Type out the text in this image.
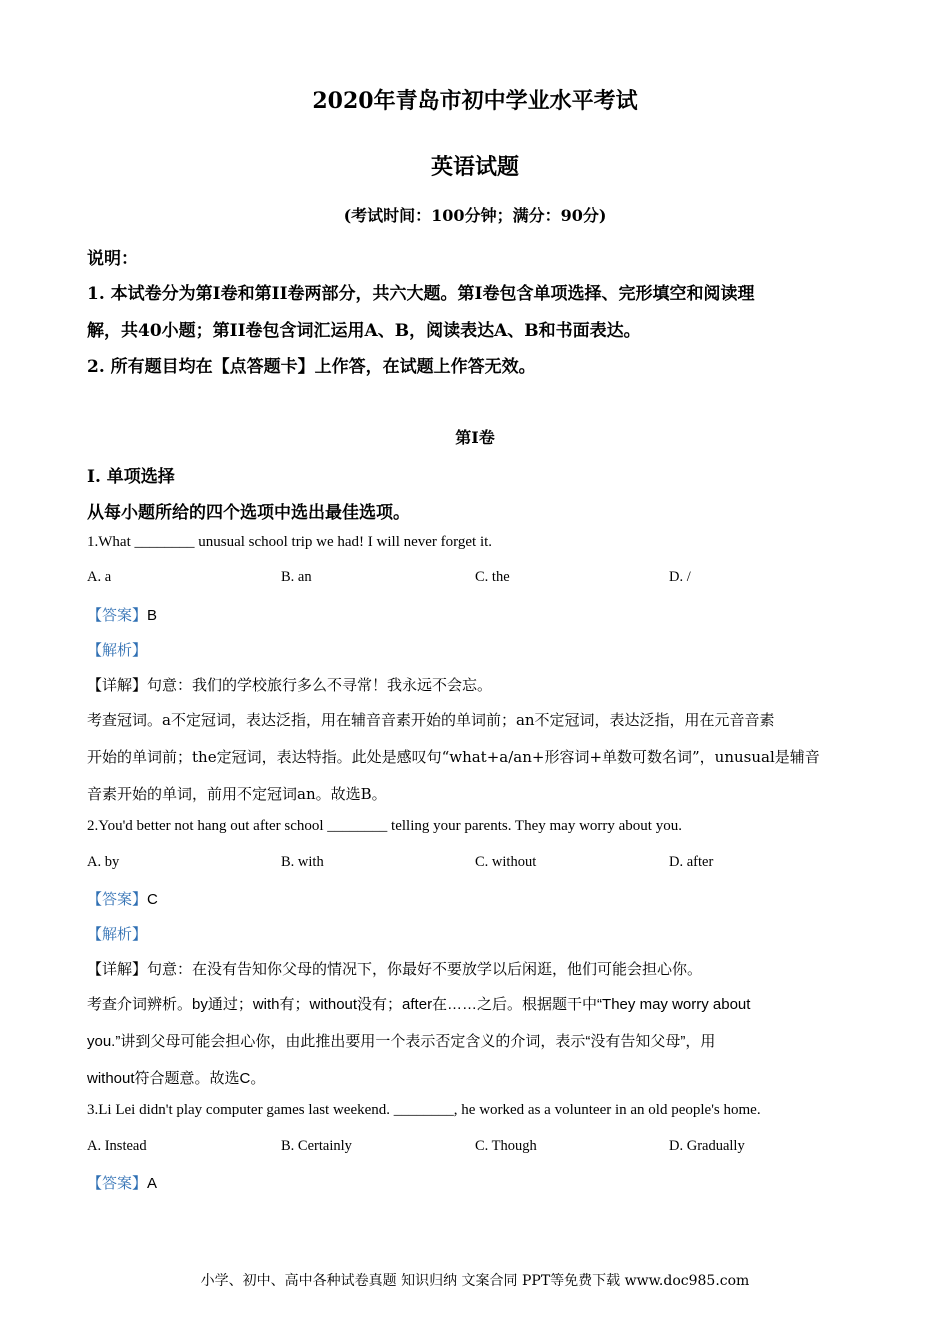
2020年青岛市初中学业水平考试
英语试题
(考试时间：100分钟；满分：90分)
说明：
1. 本试卷分为第I卷和第II卷两部分，共六大题。第I卷包含单项选择、完形填空和阅读理
解，共40小题；第II卷包含词汇运用A、B，阅读表达A、B和书面表达。
2. 所有题目均在【点答题卡】上作答，在试题上作答无效。
第I卷
I. 单项选择
从每小题所给的四个选项中选出最佳选项。
1.What ________ unusual school trip we had! I will never forget it.
A. a	B. an	C. the	D. /
【答案】B
【解析】
【详解】句意：我们的学校旅行多么不寻常！我永远不会忘。
考查冠词。a不定冠词，表达泛指，用在辅音音素开始的单词前；an不定冠词，表达泛指，用在元音音素
开始的单词前；the定冠词，表达特指。此处是感叹句“what+a/an+形容词+单数可数名词”，unusual是辅音
音素开始的单词，前用不定冠词an。故选B。
2.You'd better not hang out after school ________ telling your parents. They may worry about you.
A. by	B. with	C. without	D. after
【答案】C
【解析】
【详解】句意：在没有告知你父母的情况下，你最好不要放学以后闲逛，他们可能会担心你。
考查介词辨析。by通过；with有；without没有；after在……之后。根据题干中“They may worry about
you.”讲到父母可能会担心你，由此推出要用一个表示否定含义的介词，表示“没有告知父母”，用
without符合题意。故选C。
3.Li Lei didn't play computer games last weekend. ________, he worked as a volunteer in an old people's home.
A. Instead	B. Certainly	C. Though	D. Gradually
【答案】A
小学、初中、高中各种试卷真题 知识归纳 文案合同 PPT等免费下载 www.doc985.com
